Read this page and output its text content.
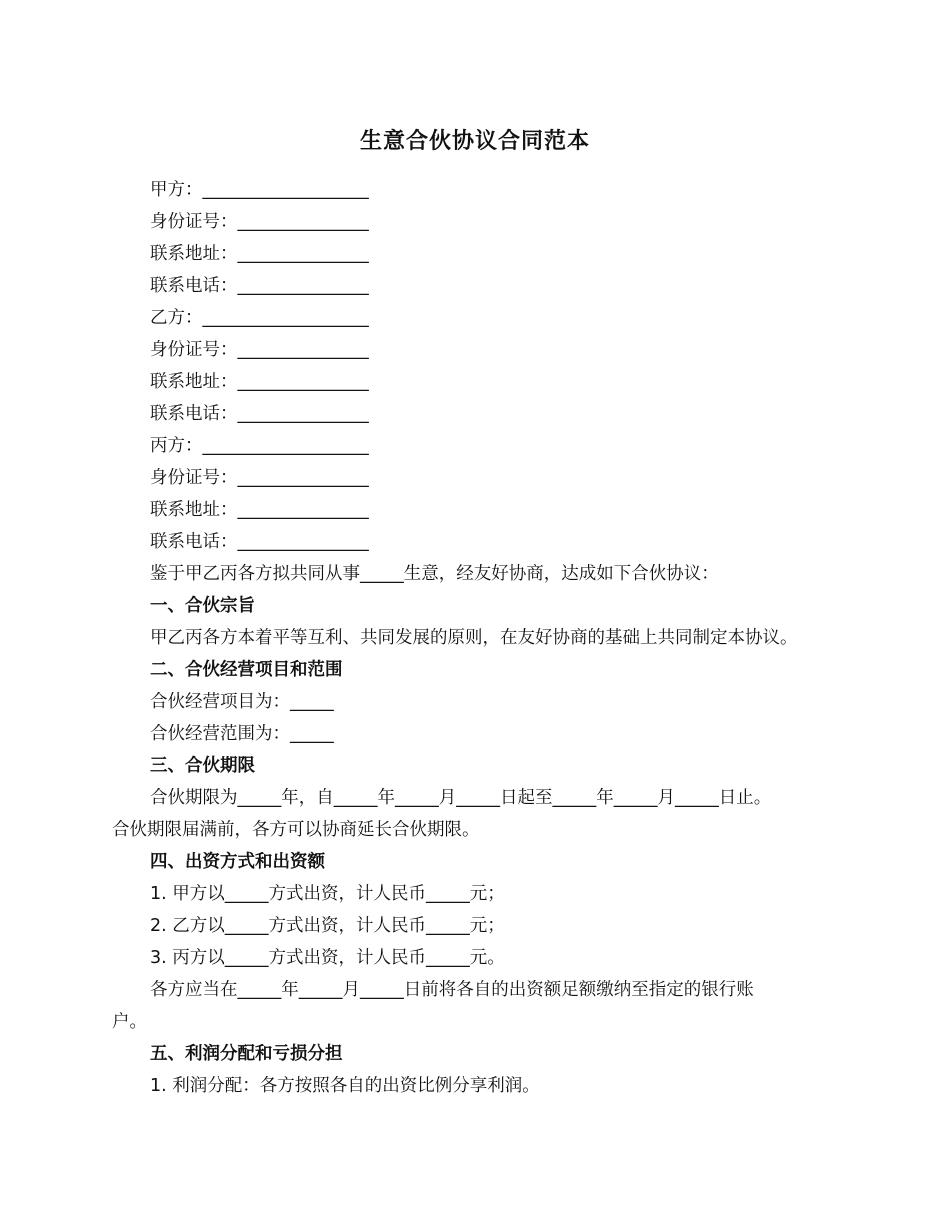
生意合伙协议合同范本
甲方：___________________
身份证号：_______________
联系地址：_______________
联系电话：_______________
乙方：___________________
身份证号：_______________
联系地址：_______________
联系电话：_______________
丙方：___________________
身份证号：_______________
联系地址：_______________
联系电话：_______________
鉴于甲乙丙各方拟共同从事_____生意，经友好协商，达成如下合伙协议：
一、合伙宗旨
甲乙丙各方本着平等互利、共同发展的原则，在友好协商的基础上共同制定本协议。
二、合伙经营项目和范围
合伙经营项目为：_____
合伙经营范围为：_____
三、合伙期限
合伙期限为_____年，自_____年_____月_____日起至_____年_____月_____日止。
合伙期限届满前，各方可以协商延长合伙期限。
四、出资方式和出资额
1. 甲方以_____方式出资，计人民币_____元；
2. 乙方以_____方式出资，计人民币_____元；
3. 丙方以_____方式出资，计人民币_____元。
各方应当在_____年_____月_____日前将各自的出资额足额缴纳至指定的银行账
户。
五、利润分配和亏损分担
1. 利润分配：各方按照各自的出资比例分享利润。
